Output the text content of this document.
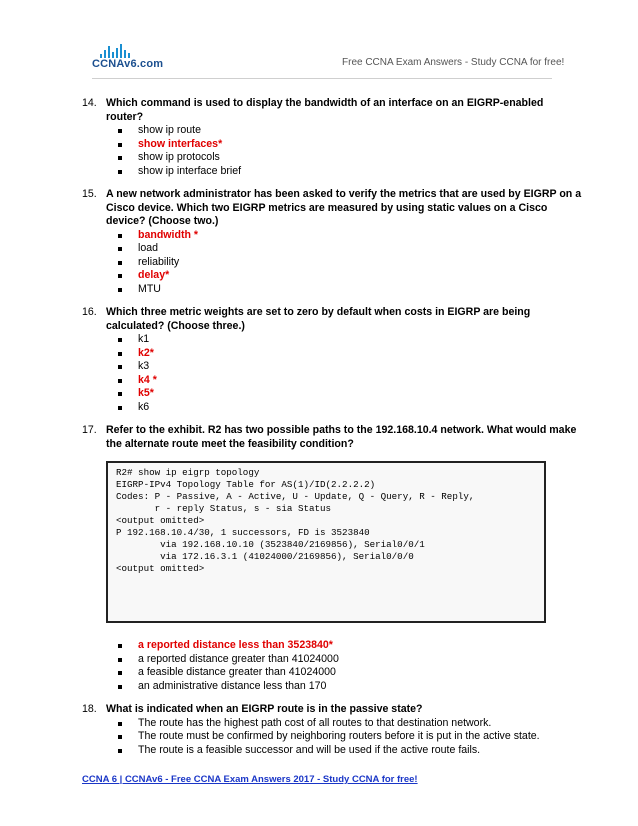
CCNAv6.com	Free CCNA Exam Answers - Study CCNA for free!
14. Which command is used to display the bandwidth of an interface on an EIGRP-enabled router?
show ip route
show interfaces*
show ip protocols
show ip interface brief
15. A new network administrator has been asked to verify the metrics that are used by EIGRP on a Cisco device. Which two EIGRP metrics are measured by using static values on a Cisco device? (Choose two.)
bandwidth *
load
reliability
delay*
MTU
16. Which three metric weights are set to zero by default when costs in EIGRP are being calculated? (Choose three.)
k1
k2*
k3
k4 *
k5*
k6
17. Refer to the exhibit. R2 has two possible paths to the 192.168.10.4 network. What would make the alternate route meet the feasibility condition?
R2# show ip eigrp topology
EIGRP-IPv4 Topology Table for AS(1)/ID(2.2.2.2)
Codes: P - Passive, A - Active, U - Update, Q - Query, R - Reply,
r - reply Status, s - sia Status
<output omitted>
P 192.168.10.4/30, 1 successors, FD is 3523840
via 192.168.10.10 (3523840/2169856), Serial0/0/1
via 172.16.3.1 (41024000/2169856), Serial0/0/0
<output omitted>
a reported distance less than 3523840*
a reported distance greater than 41024000
a feasible distance greater than 41024000
an administrative distance less than 170
18. What is indicated when an EIGRP route is in the passive state?
The route has the highest path cost of all routes to that destination network.
The route must be confirmed by neighboring routers before it is put in the active state.
The route is a feasible successor and will be used if the active route fails.
CCNA 6 | CCNAv6 - Free CCNA Exam Answers 2017 - Study CCNA for free!
